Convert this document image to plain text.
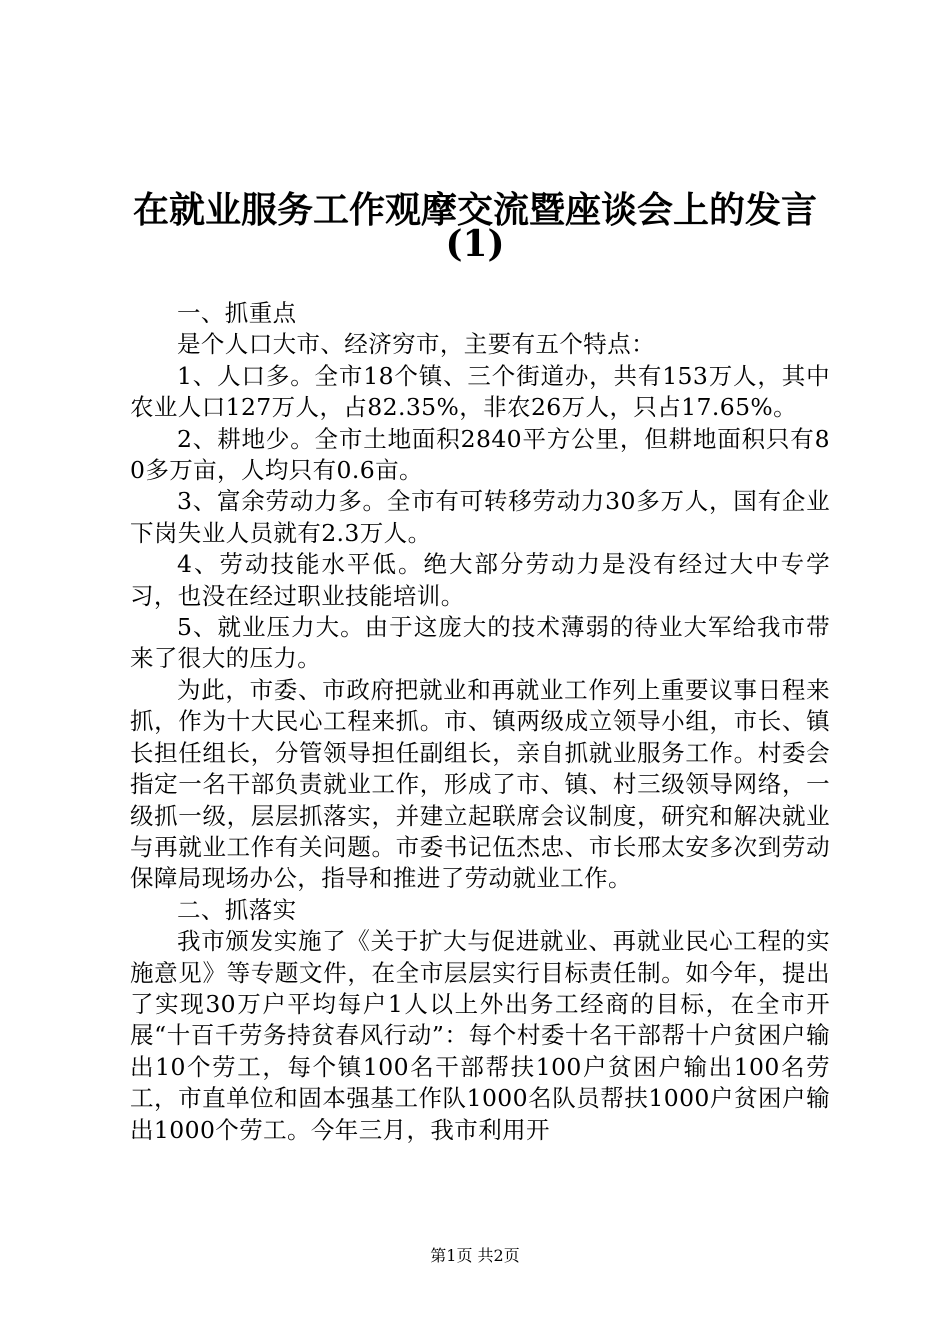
在就业服务工作观摩交流暨座谈会上的发言
(1)

一、抓重点

是个人口大市、经济穷市，主要有五个特点：

1、人口多。全市18个镇、三个街道办，共有153万人，其中农业人口127万人，占82.35%，非农26万人，只占17.65%。

2、耕地少。全市土地面积2840平方公里，但耕地面积只有80多万亩，人均只有0.6亩。

3、富余劳动力多。全市有可转移劳动力30多万人，国有企业下岗失业人员就有2.3万人。

4、劳动技能水平低。绝大部分劳动力是没有经过大中专学习，也没在经过职业技能培训。

5、就业压力大。由于这庞大的技术薄弱的待业大军给我市带来了很大的压力。

为此，市委、市政府把就业和再就业工作列上重要议事日程来抓，作为十大民心工程来抓。市、镇两级成立领导小组，市长、镇长担任组长，分管领导担任副组长，亲自抓就业服务工作。村委会指定一名干部负责就业工作，形成了市、镇、村三级领导网络，一级抓一级，层层抓落实，并建立起联席会议制度，研究和解决就业与再就业工作有关问题。市委书记伍杰忠、市长邢太安多次到劳动保障局现场办公，指导和推进了劳动就业工作。

二、抓落实

我市颁发实施了《关于扩大与促进就业、再就业民心工程的实施意见》等专题文件，在全市层层实行目标责任制。如今年，提出了实现30万户平均每户1人以上外出务工经商的目标，在全市开展“十百千劳务持贫春风行动”：每个村委十名干部帮十户贫困户输出10个劳工，每个镇100名干部帮扶100户贫困户输出100名劳工，市直单位和固本强基工作队1000名队员帮扶1000户贫困户输出1000个劳工。今年三月，我市利用开

第1页 共2页
